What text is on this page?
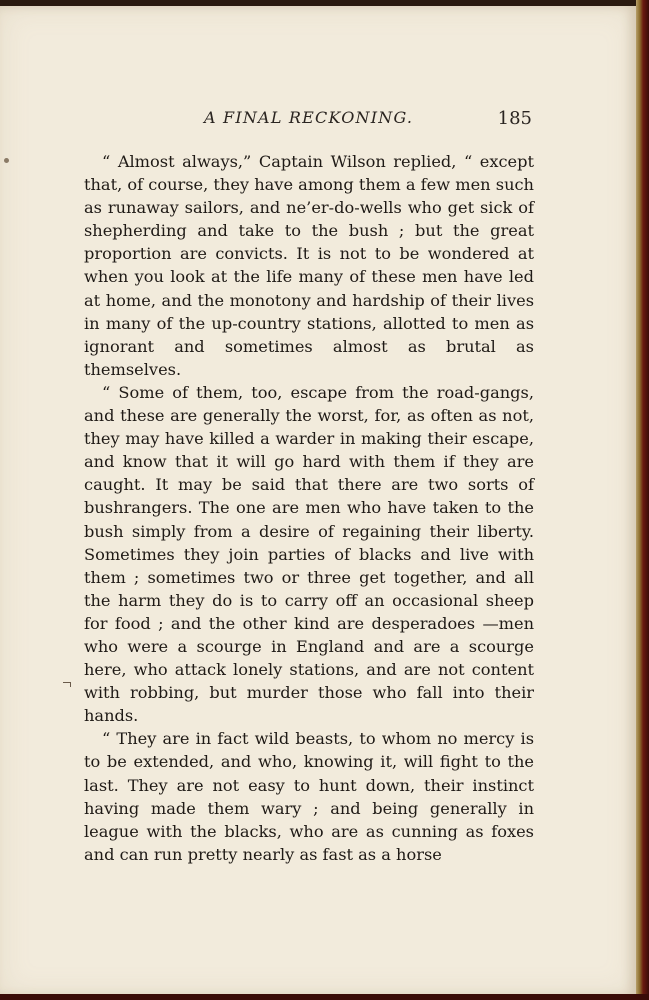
A FINAL RECKONING.	185

“ Almost always,” Captain Wilson replied, “ except that, of course, they have among them a few men such as runaway sailors, and ne’er-do-wells who get sick of shepherding and take to the bush ; but the great proportion are convicts. It is not to be wondered at when you look at the life many of these men have led at home, and the monotony and hardship of their lives in many of the up-country stations, allotted to men as ignorant and sometimes almost as brutal as themselves.

“ Some of them, too, escape from the road-gangs, and these are generally the worst, for, as often as not, they may have killed a warder in making their escape, and know that it will go hard with them if they are caught. It may be said that there are two sorts of bushrangers. The one are men who have taken to the bush simply from a desire of regaining their liberty. Sometimes they join parties of blacks and live with them ; sometimes two or three get together, and all the harm they do is to carry off an occasional sheep for food ; and the other kind are desperadoes —men who were a scourge in England and are a scourge here, who attack lonely stations, and are not content with robbing, but murder those who fall into their hands.

“ They are in fact wild beasts, to whom no mercy is to be extended, and who, knowing it, will fight to the last. They are not easy to hunt down, their instinct having made them wary ; and being generally in league with the blacks, who are as cunning as foxes and can run pretty nearly as fast as a horse
